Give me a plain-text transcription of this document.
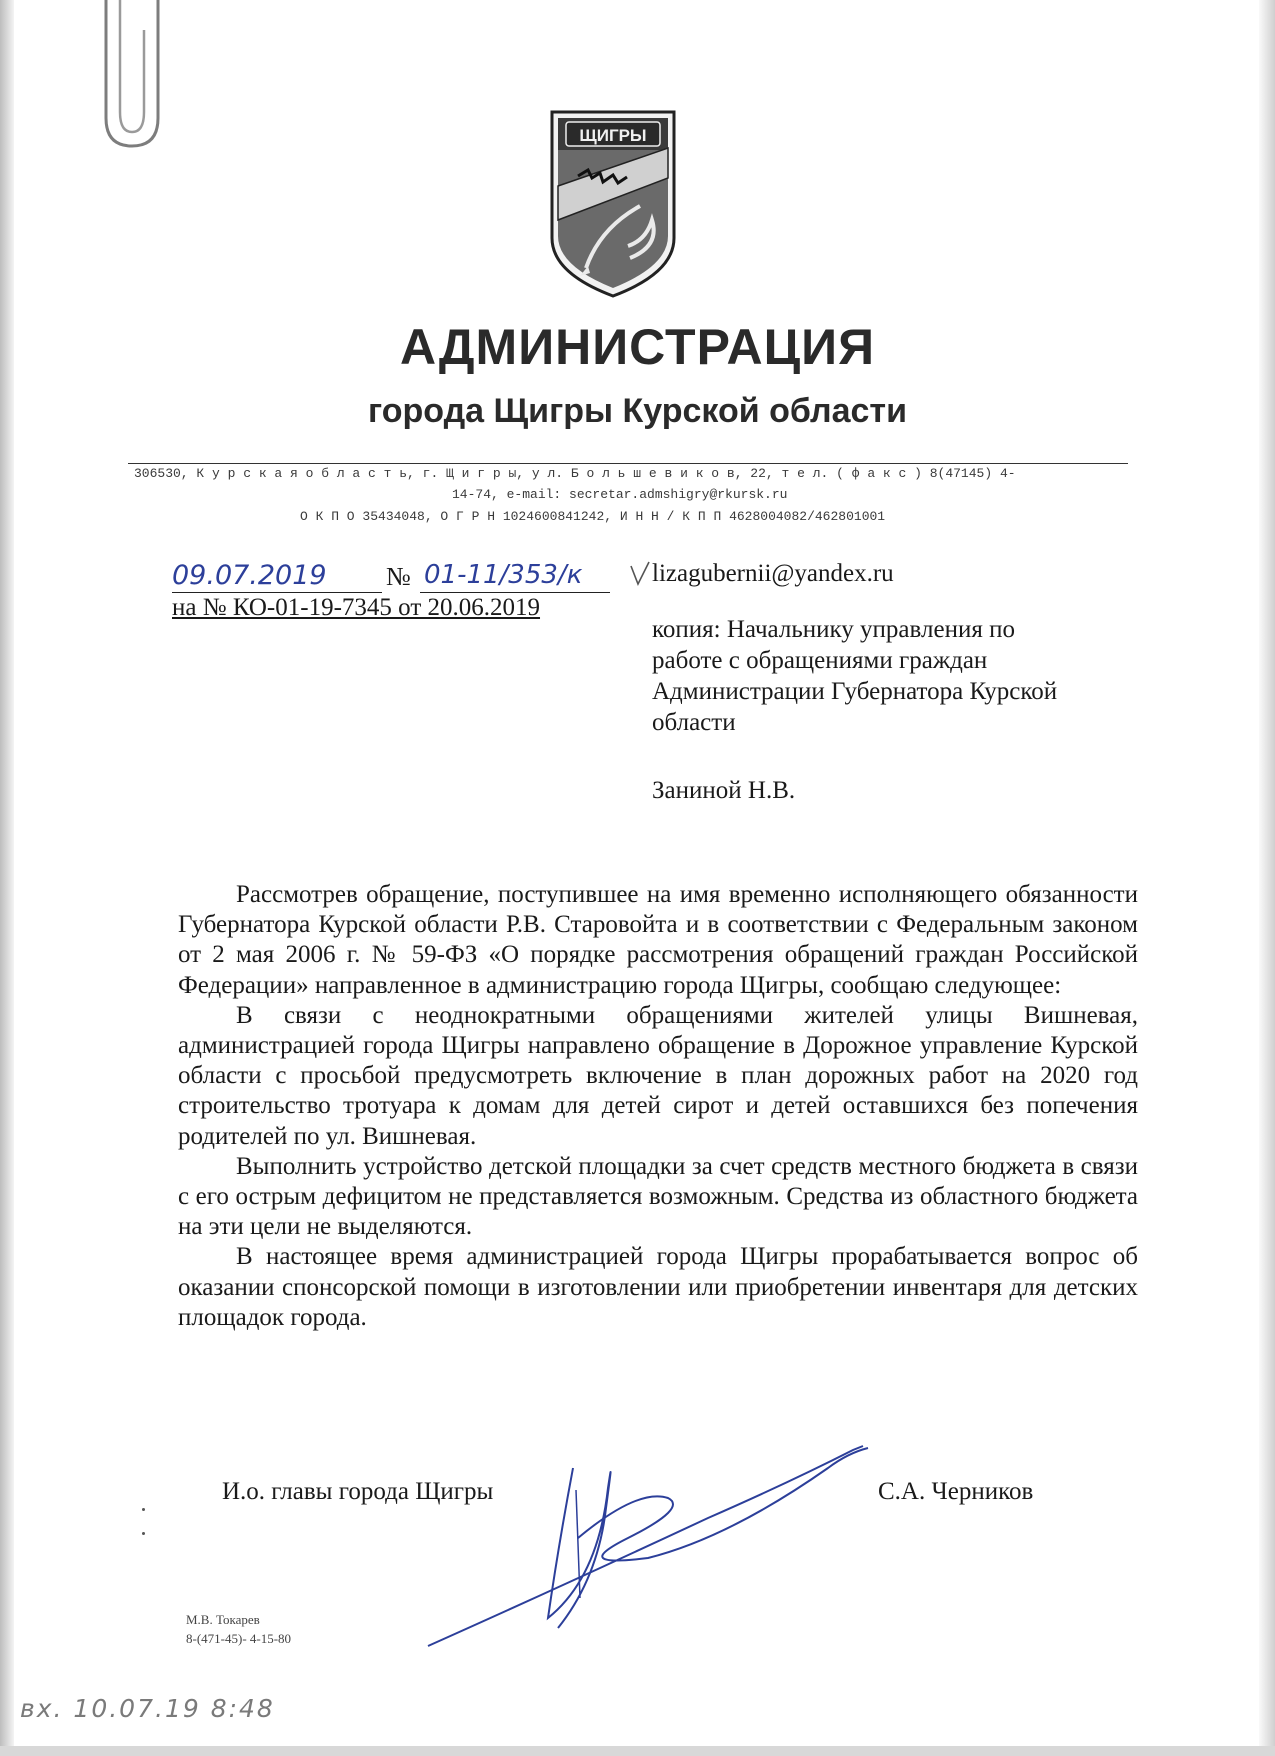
ЩИГРЫ
АДМИНИСТРАЦИЯ
города Щигры Курской области
306530, К у р с к а я о б л а с т ь, г. Щ и г р ы, у л. Б о л ь ш е в и к о в, 22, т е л. ( ф а к с ) 8(47145) 4-
14-74, e-mail: secretar.admshigry@rkursk.ru
О К П О 35434048, О Г Р Н 1024600841242, И Н Н / К П П 4628004082/462801001
09.07.2019 № 01-11/353/к
на № КО-01-19-7345 от 20.06.2019
lizagubernii@yandex.ru
копия: Начальнику управления по
работе с обращениями граждан
Администрации Губернатора Курской
области
Заниной Н.В.

Рассмотрев обращение, поступившее на имя временно исполняющего обязанности Губернатора Курской области Р.В. Старовойта и в соответствии с Федеральным законом от 2 мая 2006 г. № 59-ФЗ «О порядке рассмотрения обращений граждан Российской Федерации» направленное в администрацию города Щигры, сообщаю следующее:

В связи с неоднократными обращениями жителей улицы Вишневая, администрацией города Щигры направлено обращение в Дорожное управление Курской области с просьбой предусмотреть включение в план дорожных работ на 2020 год строительство тротуара к домам для детей сирот и детей оставшихся без попечения родителей по ул. Вишневая.

Выполнить устройство детской площадки за счет средств местного бюджета в связи с его острым дефицитом не представляется возможным. Средства из областного бюджета на эти цели не выделяются.

В настоящее время администрацией города Щигры прорабатывается вопрос об оказании спонсорской помощи в изготовлении или приобретении инвентаря для детских площадок города.

И.о. главы города Щигры	С.А. Черников
М.В. Токарев
8-(471-45)- 4-15-80
вх. 10.07.19 8:48
